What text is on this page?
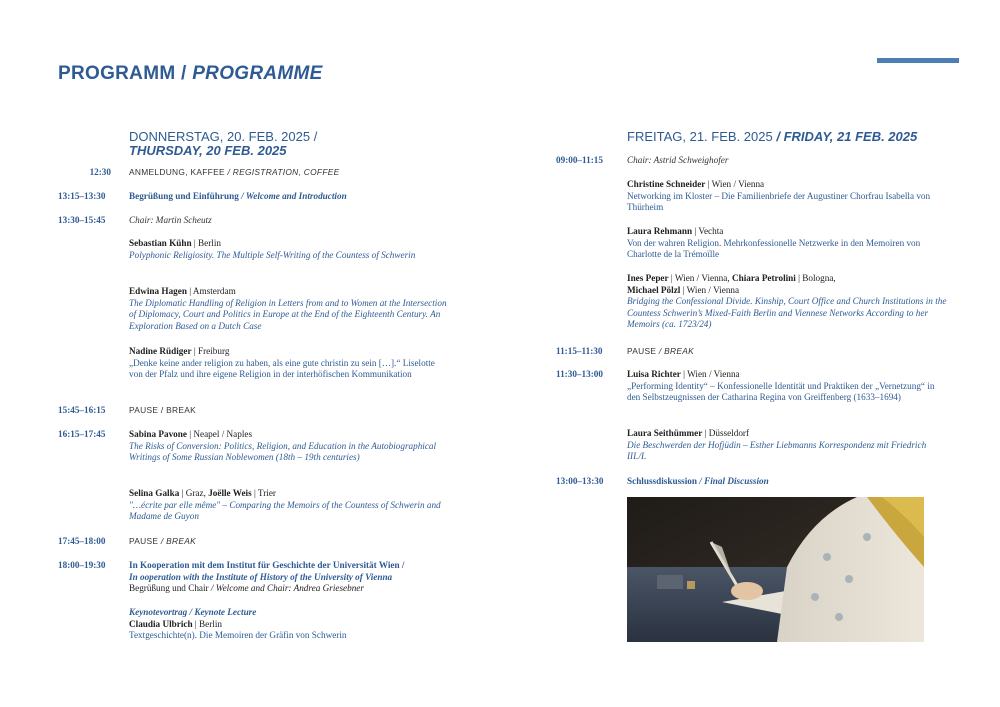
PROGRAMM / PROGRAMME
DONNERSTAG, 20. FEB. 2025 /
THURSDAY, 20 FEB. 2025
FREITAG, 21. FEB. 2025 / FRIDAY, 21 FEB. 2025
12:30 ANMELDUNG, KAFFEE / REGISTRATION, COFFEE
13:15–13:30	Begrüßung und Einführung / Welcome and Introduction
13:30–15:45	Chair: Martin Scheutz
Sebastian Kühn | Berlin
Polyphonic Religiosity. The Multiple Self-Writing of the Countess of Schwerin
Edwina Hagen | Amsterdam
The Diplomatic Handling of Religion in Letters from and to Women at the Intersection of Diplomacy, Court and Politics in Europe at the End of the Eighteenth Century. An Exploration Based on a Dutch Case
Nadine Rüdiger | Freiburg
„Denke keine ander religion zu haben, als eine gute christin zu sein […].“ Liselotte von der Pfalz und ihre eigene Religion in der interhöfischen Kommunikation
15:45–16:15	PAUSE / BREAK
16:15–17:45	Sabina Pavone | Neapel / Naples
The Risks of Conversion: Politics, Religion, and Education in the Autobiographical Writings of Some Russian Noblewomen (18th – 19th centuries)
Selina Galka | Graz, Joëlle Weis | Trier
"…écrite par elle même" – Comparing the Memoirs of the Countess of Schwerin and Madame de Guyon
17:45–18:00	PAUSE / BREAK
18:00–19:30	In Kooperation mit dem Institut für Geschichte der Universität Wien /
In ooperation with the Institute of History of the University of Vienna
Begrüßung und Chair / Welcome and Chair: Andrea Griesebner
Keynotevortrag / Keynote Lecture
Claudia Ulbrich | Berlin
Textgeschichte(n). Die Memoiren der Gräfin von Schwerin
09:00–11:15	Chair: Astrid Schweighofer
Christine Schneider | Wien / Vienna
Networking im Kloster – Die Familienbriefe der Augustiner Chorfrau Isabella von Thürheim
Laura Rehmann | Vechta
Von der wahren Religion. Mehrkonfessionelle Netzwerke in den Memoiren von Charlotte de la Trémoïlle
Ines Peper | Wien / Vienna, Chiara Petrolini | Bologna,
Michael Pölzl | Wien / Vienna
Bridging the Confessional Divide. Kinship, Court Office and Church Institutions in the Countess Schwerin’s Mixed-Faith Berlin and Viennese Networks According to her Memoirs (ca. 1723/24)
11:15–11:30	PAUSE / BREAK
11:30–13:00	Luisa Richter | Wien / Vienna
„Performing Identity“ – Konfessionelle Identität und Praktiken der „Vernetzung“ in den Selbstzeugnissen der Catharina Regina von Greiffenberg (1633–1694)
Laura Seithümmer | Düsseldorf
Die Beschwerden der Hofjüdin – Esther Liebmanns Korrespondenz mit Friedrich III./I.
13:00–13:30	Schlussdiskussion / Final Discussion
